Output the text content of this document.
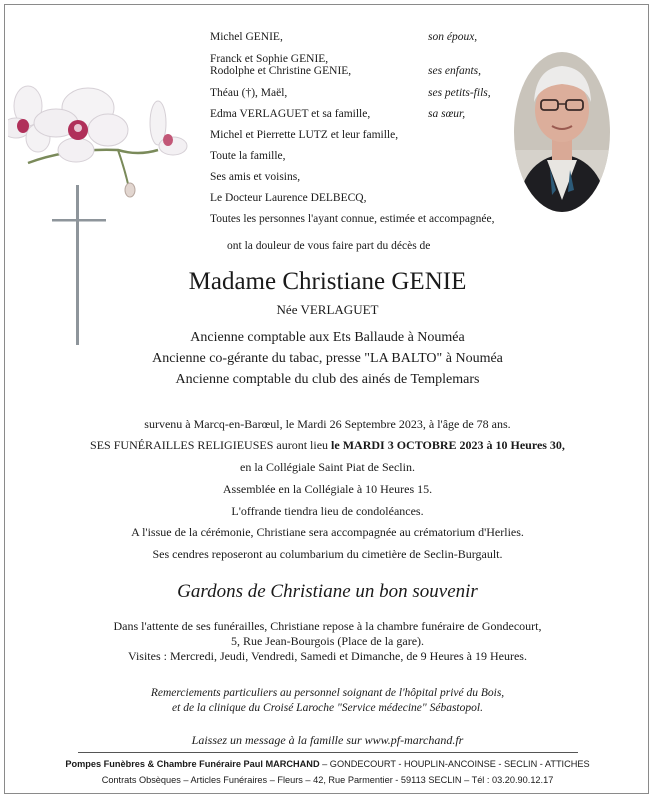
Michel GENIE,	son époux,
Franck et Sophie GENIE,
Rodolphe et Christine GENIE,	ses enfants,
Théau (†), Maël,	ses petits-fils,
Edma VERLAGUET et sa famille,	sa sœur,
Michel et Pierrette LUTZ et leur famille,
Toute la famille,
Ses amis et voisins,
Le Docteur Laurence DELBECQ,
Toutes les personnes l'ayant connue, estimée et accompagnée,
ont la douleur de vous faire part du décès de
Madame Christiane GENIE
Née VERLAGUET
Ancienne comptable aux Ets Ballaude à Nouméa
Ancienne co-gérante du tabac, presse "LA BALTO" à Nouméa
Ancienne comptable du club des ainés de Templemars
survenu à Marcq-en-Barœul, le Mardi 26 Septembre 2023, à l'âge de 78 ans.
SES FUNÉRAILLES RELIGIEUSES auront lieu le MARDI 3 OCTOBRE 2023 à 10 Heures 30,
en la Collégiale Saint Piat de Seclin.
Assemblée en la Collégiale à 10 Heures 15.
L'offrande tiendra lieu de condoléances.
A l'issue de la cérémonie, Christiane sera accompagnée au crématorium d'Herlies.
Ses cendres reposeront au columbarium du cimetière de Seclin-Burgault.
Gardons de Christiane un bon souvenir
Dans l'attente de ses funérailles, Christiane repose à la chambre funéraire de Gondecourt,
5, Rue Jean-Bourgois (Place de la gare).
Visites : Mercredi, Jeudi, Vendredi, Samedi et Dimanche, de 9 Heures à 19 Heures.
Remerciements particuliers au personnel soignant de l'hôpital privé du Bois,
et de la clinique du Croisé Laroche "Service médecine" Sébastopol.
Laissez un message à la famille sur www.pf-marchand.fr
Pompes Funèbres & Chambre Funéraire Paul MARCHAND – GONDECOURT - HOUPLIN-ANCOINSE - SECLIN - ATTICHES
Contrats Obsèques – Articles Funéraires – Fleurs – 42, Rue Parmentier - 59113 SECLIN – Tél : 03.20.90.12.17
